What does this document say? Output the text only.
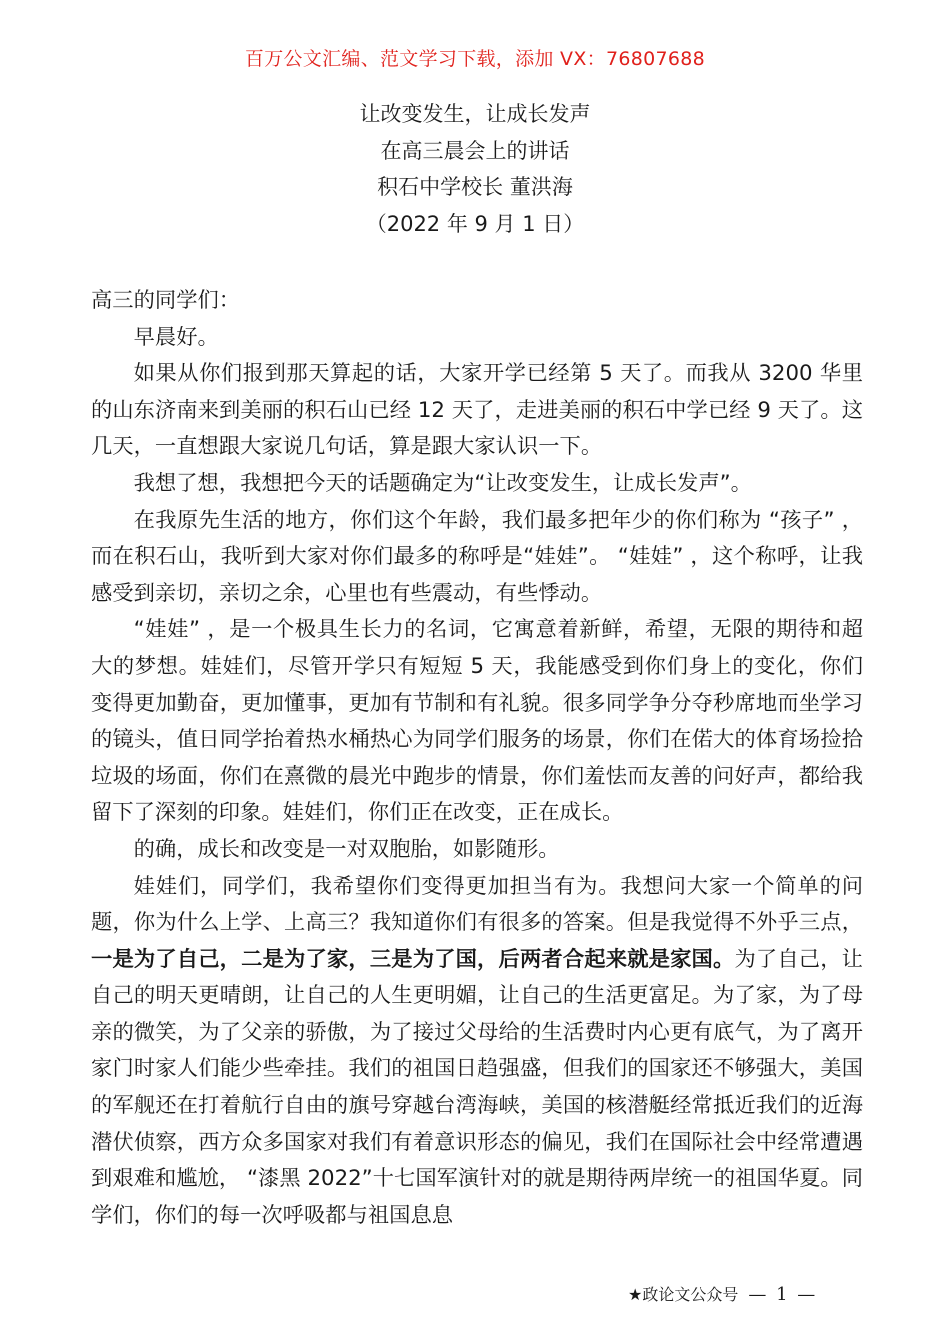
百万公文汇编、范文学习下载，添加 VX：76807688
让改变发生，让成长发声
在高三晨会上的讲话
积石中学校长 董洪海
（2022 年 9 月 1 日）

高三的同学们：

早晨好。

如果从你们报到那天算起的话，大家开学已经第 5 天了。而我从 3200 华里的山东济南来到美丽的积石山已经 12 天了，走进美丽的积石中学已经 9 天了。这几天，一直想跟大家说几句话，算是跟大家认识一下。

我想了想，我想把今天的话题确定为“让改变发生，让成长发声”。

在我原先生活的地方，你们这个年龄，我们最多把年少的你们称为 “孩子” ，而在积石山，我听到大家对你们最多的称呼是“娃娃”。 “娃娃” ，这个称呼，让我感受到亲切，亲切之余，心里也有些震动，有些悸动。

“娃娃” ，是一个极具生长力的名词，它寓意着新鲜，希望，无限的期待和超大的梦想。娃娃们，尽管开学只有短短 5 天，我能感受到你们身上的变化，你们变得更加勤奋，更加懂事，更加有节制和有礼貌。很多同学争分夺秒席地而坐学习的镜头，值日同学抬着热水桶热心为同学们服务的场景，你们在偌大的体育场捡拾垃圾的场面，你们在熹微的晨光中跑步的情景，你们羞怯而友善的问好声，都给我留下了深刻的印象。娃娃们，你们正在改变，正在成长。

的确，成长和改变是一对双胞胎，如影随形。

娃娃们，同学们，我希望你们变得更加担当有为。我想问大家一个简单的问题，你为什么上学、上高三？我知道你们有很多的答案。但是我觉得不外乎三点，一是为了自己，二是为了家，三是为了国，后两者合起来就是家国。为了自己，让自己的明天更晴朗，让自己的人生更明媚，让自己的生活更富足。为了家，为了母亲的微笑，为了父亲的骄傲，为了接过父母给的生活费时内心更有底气，为了离开家门时家人们能少些牵挂。我们的祖国日趋强盛，但我们的国家还不够强大，美国的军舰还在打着航行自由的旗号穿越台湾海峡，美国的核潜艇经常抵近我们的近海潜伏侦察，西方众多国家对我们有着意识形态的偏见，我们在国际社会中经常遭遇到艰难和尴尬， “漆黑 2022”十七国军演针对的就是期待两岸统一的祖国华夏。同学们，你们的每一次呼吸都与祖国息息

★政论文公众号 — 1 —
